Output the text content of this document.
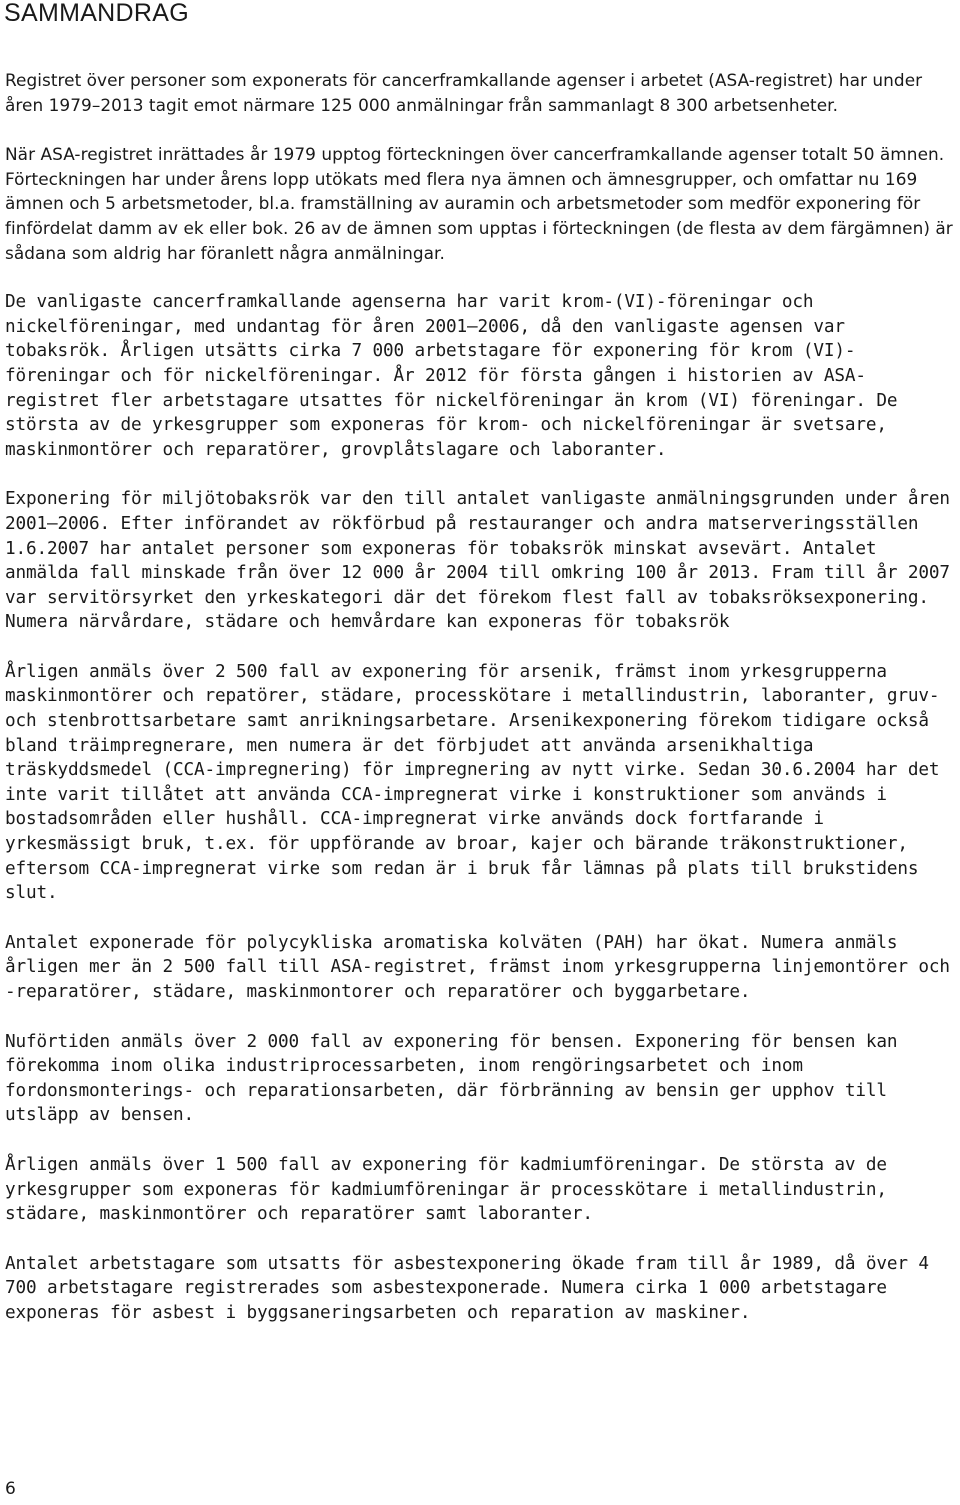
SAMMANDRAG

Registret över personer som exponerats för cancerframkallande agenser i arbetet (ASA-registret) har under åren 1979–2013 tagit emot närmare 125 000 anmälningar från sammanlagt 8 300 arbetsenheter.

När ASA-registret inrättades år 1979 upptog förteckningen över cancerframkallande agenser totalt 50 ämnen. Förteckningen har under årens lopp utökats med flera nya ämnen och ämnesgrupper, och omfattar nu 169 ämnen och 5 arbetsmetoder, bl.a. framställning av auramin och arbetsmetoder som medför exponering för finfördelat damm av ek eller bok. 26 av de ämnen som upptas i förteckningen (de flesta av dem färgämnen) är sådana som aldrig har föranlett några anmälningar.

De vanligaste cancerframkallande agenserna har varit krom-(VI)-föreningar och nickelföreningar, med undantag för åren 2001–2006, då den vanligaste agensen var tobaksrök. Årligen utsätts cirka 7 000 arbetstagare för exponering för krom (VI)-föreningar och för nickelföreningar. År 2012 för första gången i historien av ASA-registret fler arbetstagare utsattes för nickelföreningar än krom (VI) föreningar. De största av de yrkesgrupper som exponeras för krom- och nickelföreningar är svetsare, maskinmontörer och reparatörer, grovplåtslagare och laboranter.

Exponering för miljötobaksrök var den till antalet vanligaste anmälningsgrunden under åren 2001–2006. Efter införandet av rökförbud på restauranger och andra matserveringsställen 1.6.2007 har antalet personer som exponeras för tobaksrök minskat avsevärt. Antalet anmälda fall minskade från över 12 000 år 2004 till omkring 100 år 2013. Fram till år 2007 var servitörsyrket den yrkeskategori där det förekom flest fall av tobaksröksexponering. Numera närvårdare, städare och hemvårdare kan exponeras för tobaksrök

Årligen anmäls över 2 500 fall av exponering för arsenik, främst inom yrkesgrupperna maskinmontörer och repatörer, städare, processkötare i metallindustrin, laboranter, gruv- och stenbrottsarbetare samt anrikningsarbetare. Arsenikexponering förekom tidigare också bland träimpregnerare, men numera är det förbjudet att använda arsenikhaltiga träskyddsmedel (CCA-impregnering) för impregnering av nytt virke. Sedan 30.6.2004 har det inte varit tillåtet att använda CCA-impregnerat virke i konstruktioner som används i bostadsområden eller hushåll. CCA-impregnerat virke används dock fortfarande i yrkesmässigt bruk, t.ex. för uppförande av broar, kajer och bärande träkonstruktioner, eftersom CCA-impregnerat virke som redan är i bruk får lämnas på plats till brukstidens slut.

Antalet exponerade för polycykliska aromatiska kolväten (PAH) har ökat. Numera anmäls årligen mer än 2 500 fall till ASA-registret, främst inom yrkesgrupperna linjemontörer och -reparatörer, städare, maskinmontorer och reparatörer och byggarbetare.

Nuförtiden anmäls över 2 000 fall av exponering för bensen. Exponering för bensen kan förekomma inom olika industriprocessarbeten, inom rengöringsarbetet och inom fordonsmonterings- och reparationsarbeten, där förbränning av bensin ger upphov till utsläpp av bensen.

Årligen anmäls över 1 500 fall av exponering för kadmiumföreningar. De största av de yrkesgrupper som exponeras för kadmiumföreningar är processkötare i metallindustrin, städare, maskinmontörer och reparatörer samt laboranter.

Antalet arbetstagare som utsatts för asbestexponering ökade fram till år 1989, då över 4 700 arbetstagare registrerades som asbestexponerade. Numera cirka 1 000 arbetstagare exponeras för asbest i byggsaneringsarbeten och reparation av maskiner.

6
